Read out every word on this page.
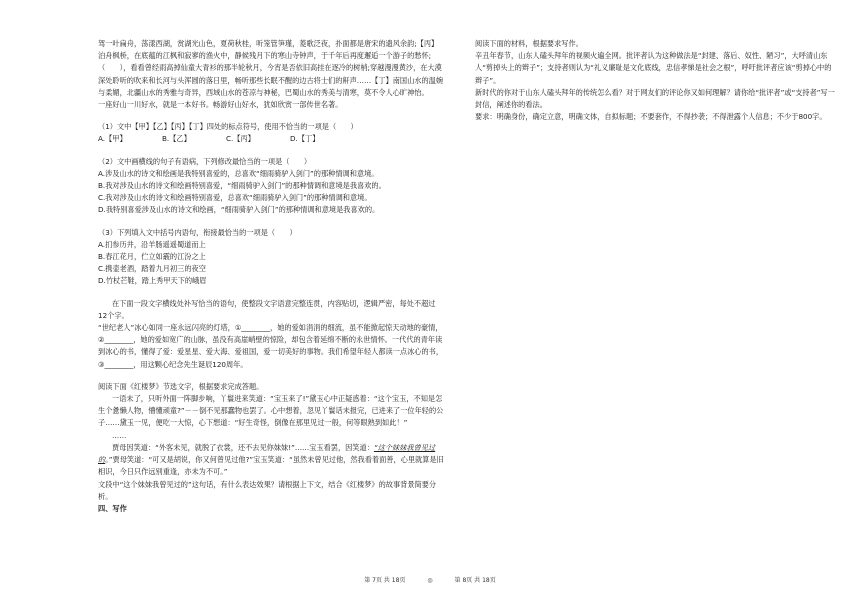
驾一叶扁舟，荡漾西湖，赏湖光山色，夏荷秋桂，听笼管笋瑾，菱歌泛夜，扑面都是唐宋的遗风余韵;【丙】泊舟枫桥，在底蕴的江枫和寂寥的渔火中，静候残月下的寒山寺钟声，于千年后再度邂逅一个游子的愁怀;

（　　），看看曾经雨高掉仙童大青衫的那半轮秋月，今宵是否依旧高挂在逐冷的树梢;穿越漫漫黄沙，在大漠深处聆听的吹来和长河与头浑圆的落日里，畅听那些长眠不醒的边古将士们的鼾声……【丁】南国山水的温婉与柔媚，北疆山水的秀雅与奇异，西域山水的苍凉与神秘，巴蜀山水的秀美与清寒，莫不令人心旷神怡。

一座好山一川好水，就是一本好书。畅游好山好水，犹如欣赏一部传世名著。

（1）文中【甲】【乙】【丙】【丁】四处的标点符号，使用不恰当的一项是（　　）

A.【甲】	B.【乙】	C.【丙】	D.【丁】

（2）文中画横线的句子有语病，下列修改最恰当的一项是（　　）

A.涉及山水的诗文和绘画是我特别喜爱的，总喜欢“细雨骑驴入剑门”的那种情调和意境。

B.我对涉及山水的诗文和绘画特别喜爱，“细雨骑驴入剑门”的那种情调和意境是我喜欢的。

C.我对涉及山水的诗文和绘画特别喜爱，总喜欢“细雨骑驴入剑门”的那种情调和意境。

D.我特别喜爱涉及山水的诗文和绘画，“细雨骑驴入剑门”的那种情调和意境是我喜欢的。

（3）下列填入文中括号内语句，衔接最恰当的一项是（　　）

A.扪参历井，沿羊肠遥遥蜀道而上

B.春江花月，伫立如霰的江汾之上

C.携壶老酒，踏着九月初三的夜空

D.竹杖芒鞋，踏上秀甲天下的峨眉

在下面一段文字横线处补写恰当的语句，使整段文字语意完整连贯，内容贴切，逻辑严密，每处不超过12个字。

“世纪老人”冰心如同一座永远闪亮的灯塔，①________，她的爱如涓涓的细流，虽不能掀起惊天动地的豪情，②________，她的爱如宽广的山脉，虽没有高崖峭壁的惊险，却包含着延绵不断的永世情怀。一代代的青年读到冰心的书，懂得了爱：爱星星、爱大海、爱祖国，爱一切美好的事物。我们希望年轻人都读一点冰心的书，③________，用这颗心纪念先生诞辰120周年。

阅读下面《红楼梦》节选文字，根据要求完成答题。

一语未了，只听外面一阵脚步响，丫鬟进来笑道：“宝玉来了!”黛玉心中正疑惑着：“这个宝玉，不知是怎生个惫懒人物，懵懂顽童?”－－倒不见那蠢物也罢了。心中想着，忽见丫鬟话未报完，已进来了一位年轻的公子……黛玉一见，便吃一大惊，心下想道：“好生奇怪，倒像在那里见过一般，何等眼熟到如此！”

……

贾母因笑道：“外客未见，就脱了衣裳，还不去见你妹妹!”……宝玉看罢，因笑道：“这个妹妹我曾见过的。”贾母笑道：“可又是胡说，你又何曾见过他?”宝玉笑道：“虽然未曾见过他，然我看着面善，心里就算是旧相识，今日只作远别重逢，亦未为不可。”

文段中“这个妹妹我曾见过的”这句话，有什么表达效果？请根据上下文，结合《红楼梦》的故事背景简要分析。

四、写作

阅读下面的材料，根据要求写作。

辛丑年春节，山东人磕头拜年的视频火遍全网。批评者认为这种做法是“封建、落后、奴性、陋习”，大呼清山东人“剪掉头上的辫子”；支持者则认为“礼义廉耻是文化底线，忠信孝悌是社会之根”，呼吁批评者应该“剪掉心中的辫子”。

新时代的你对于山东人磕头拜年的传统怎么看？对于网友们的评论你又如何理解？请你给“批评者”或“支持者”写一封信，阐述你的看法。

要求：明确身份，确定立意，明确文体，自拟标题；不要套作，不得抄袭；不得泄露个人信息；不少于800字。

第 7页 共 18页	◎	第 8页 共 18页
